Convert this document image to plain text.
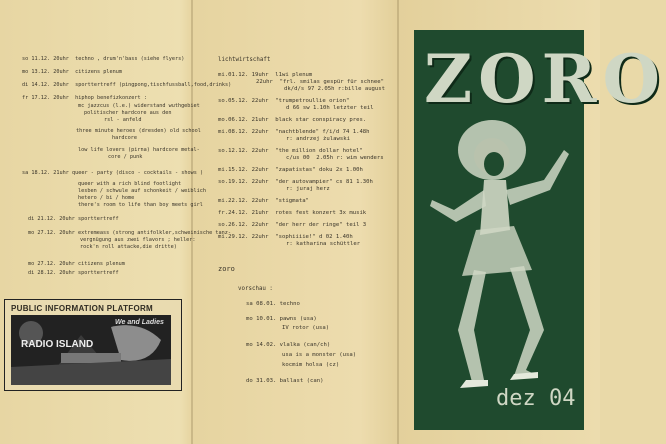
so 11.12. 20uhr  techno , drum'n'bass (siehe flyers)
mo 13.12. 20uhr  citizens plenum
di 14.12. 20uhr  sporttertreff (pingpong,tischfussball,food,drinks)
fr 17.12. 20uhr  hiphop benefizkonzert :
mc jazzcus (l.e.) widerstand wuthgebiet
politischer hardcore aus den
rsl - anfeld
three minute heroes (dresden) old school
hardcore
low life lovers (pirna) hardcore metal-
core / punk
sa 18.12. 21uhr queer - party (disco - cocktails - shows )
queer with a rich blind footlight
lesben / schwule auf schonkeit / weiblich
hetero / bi / home
there's room to life than boy meets girl
di 21.12. 20uhr sporttertreff
mo 27.12. 20uhr extremeass (strong antifolkler,schweinische tanz-
vergnügung aus zwei flavors ; heller:
rock'n roll attacke,die dritte)
mo 27.12. 20uhr citizens plenum
di 28.12. 20uhr sporttertreff
PUBLIC INFORMATION PLATFORM
RADIO ISLAND
We and Ladies
lichtwirtschaft
mi.01.12. 19uhr  l1wi plenum
22uhr  "frl. smilas gespür für schnee"
dk/d/s 97 2.05h r:bille august
so.05.12. 22uhr  "trumpetroullie orion"
d 66 sw 1.10h letzter teil
mo.06.12. 21uhr  black star conspiracy pres.
mi.08.12. 22uhr  "nachtblende" f/i/d 74 1.48h
r: andrzej żulawski
so.12.12. 22uhr  "the million dollar hotel"
c/us 00  2.05h r: wim wenders
mi.15.12. 22uhr  "zapatistas" doku 2x 1.00h
so.19.12. 22uhr  "der autovampier" cs 81 1.30h
r: juraj herz
mi.22.12. 22uhr  "stigmata"
fr.24.12. 21uhr  rotes fest konzert 3x musik
so.26.12. 22uhr  "der herr der ringe" teil 3
mi.29.12. 22uhr  "sophiiiie!" d 02 1.40h
r: katharina schüttler
zoro
vorschau :
sa 08.01. techno
mo 10.01. pawns (usa)
IV rotor (usa)
mo 14.02. vlalka (can/ch)
usa is a monster (usa)
kocmim holsa (cz)
do 31.03. ballast (can)
ZORO
dez 04
